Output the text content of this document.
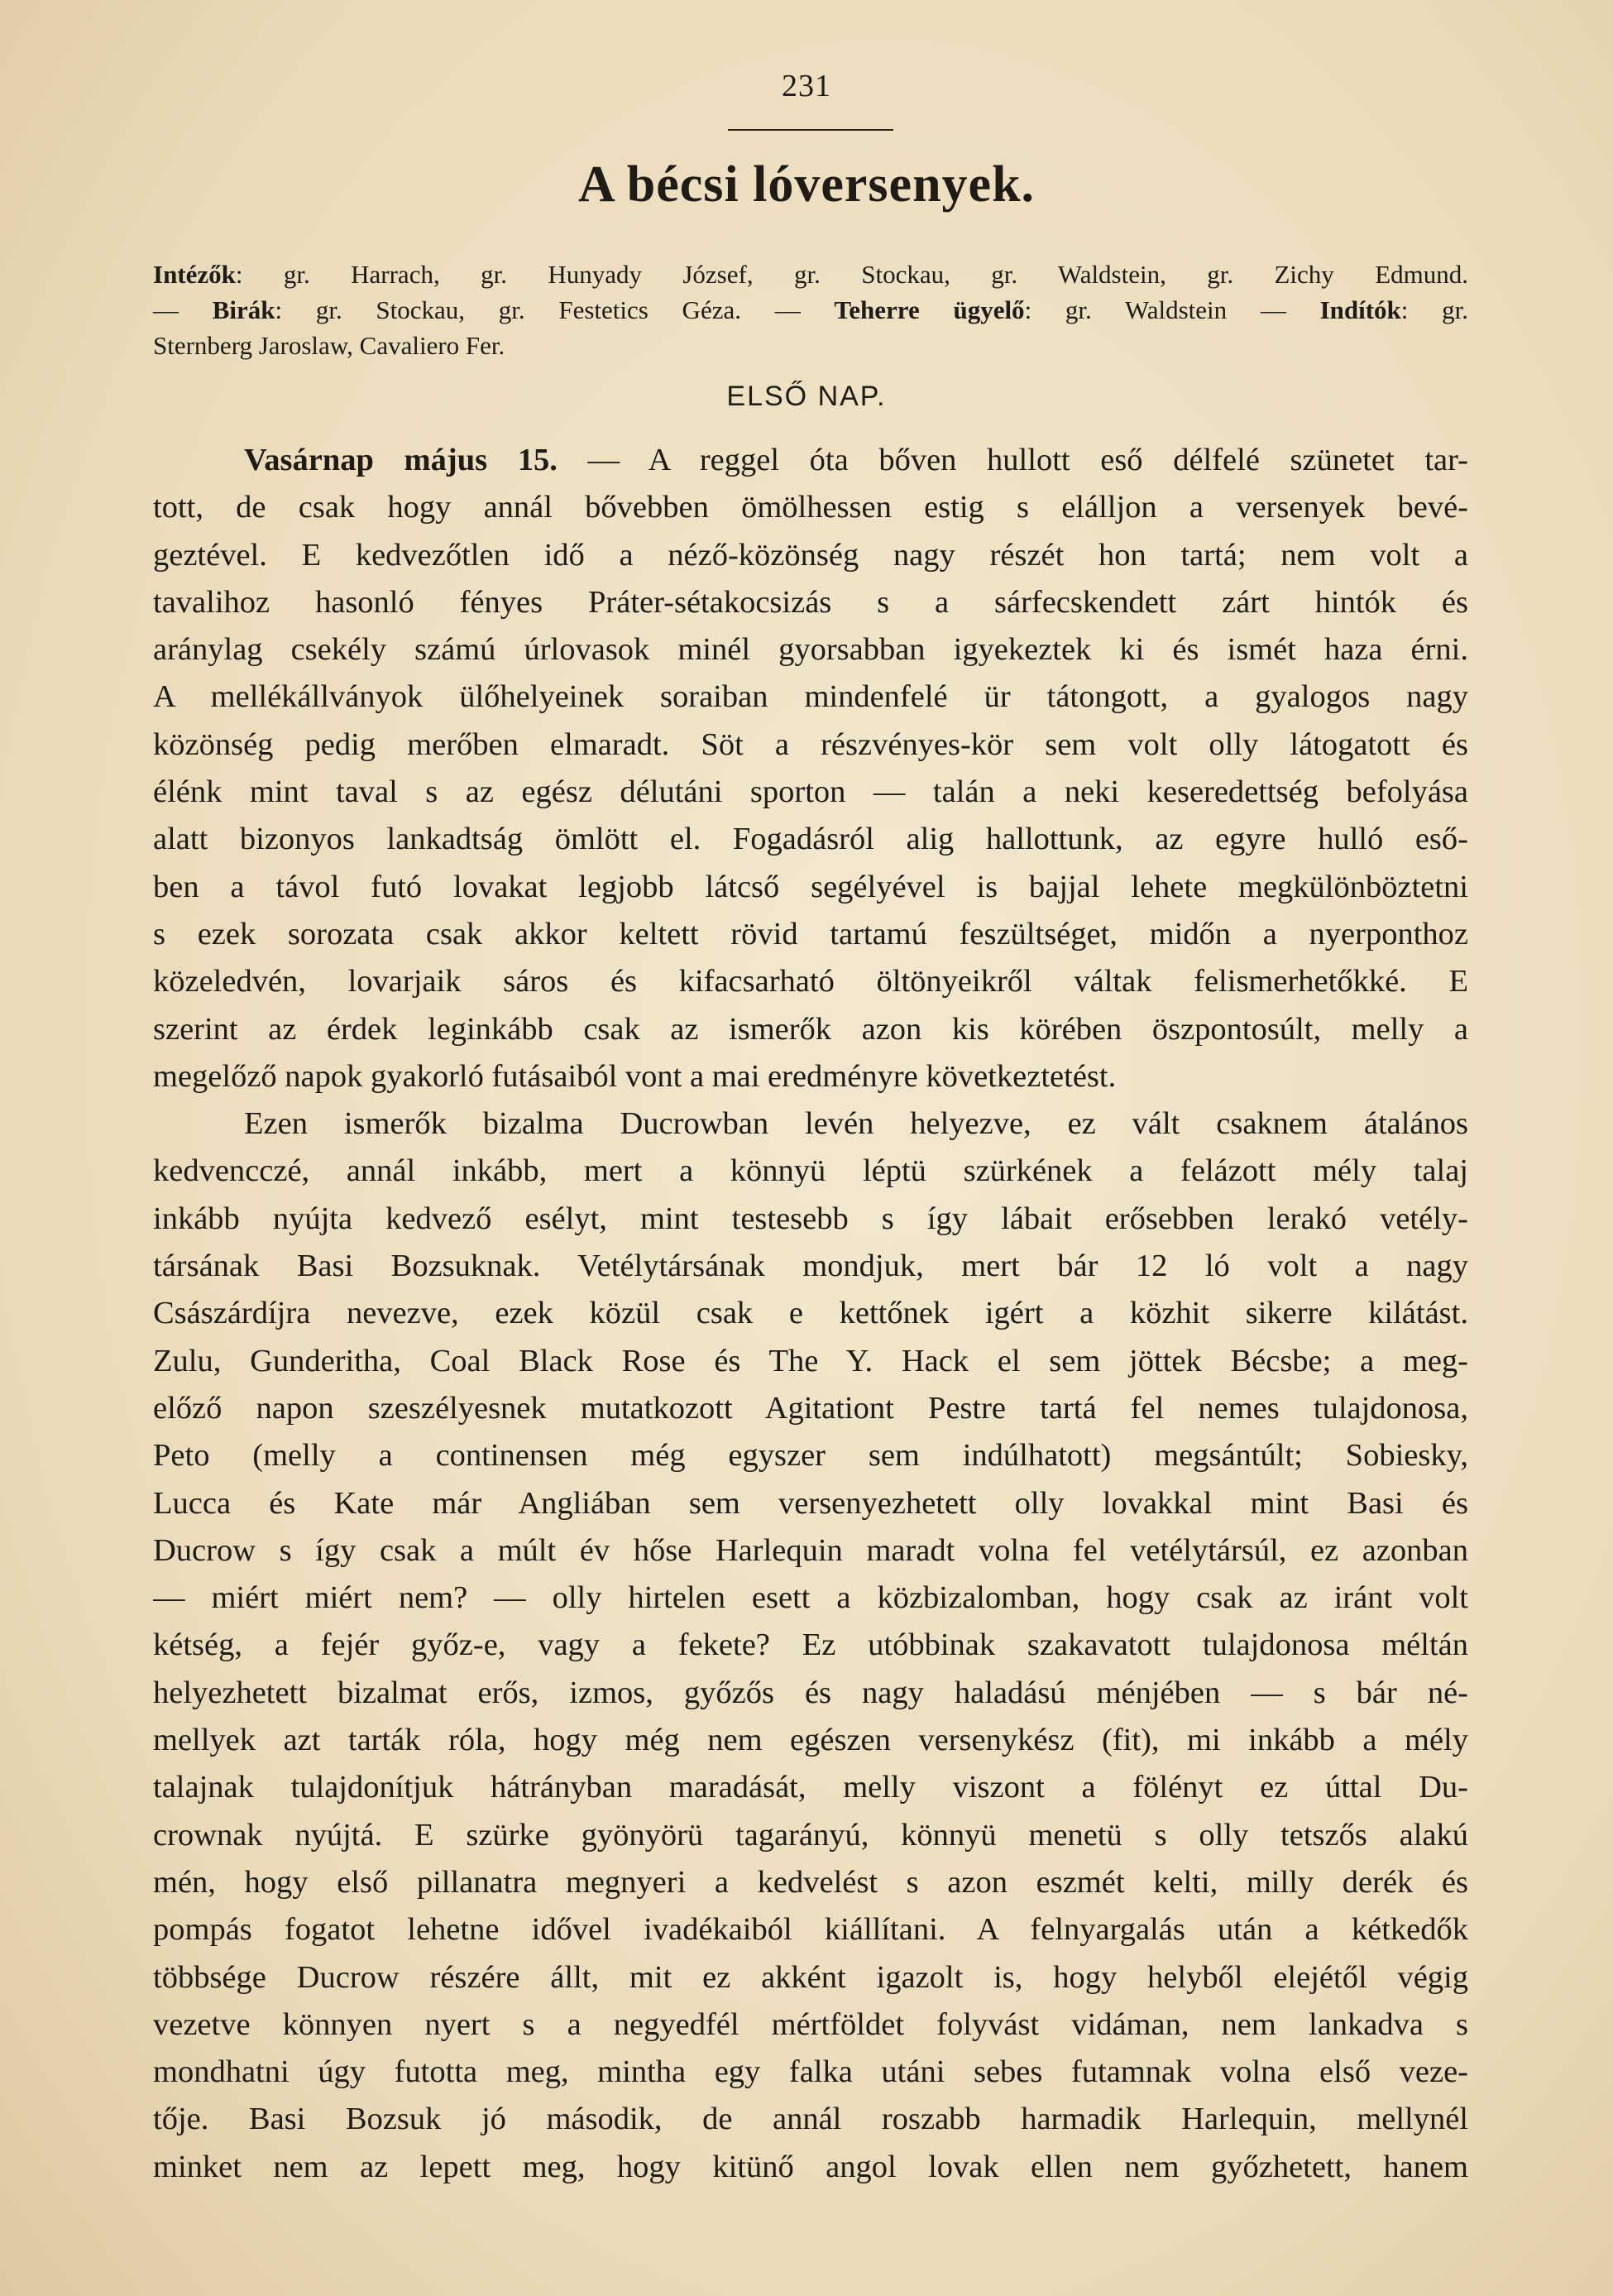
231
A bécsi lóversenyek.
Intézők: gr. Harrach, gr. Hunyady József, gr. Stockau, gr. Waldstein, gr. Zichy Edmund.
— Birák: gr. Stockau, gr. Festetics Géza. — Teherre ügyelő: gr. Waldstein — Indítók: gr.
Sternberg Jaroslaw, Cavaliero Fer.
ELSŐ NAP.
Vasárnap május 15. — A reggel óta bőven hullott eső délfelé szünetet tar-
tott, de csak hogy annál bővebben ömölhessen estig s elálljon a versenyek bevé-
geztével. E kedvezőtlen idő a néző-közönség nagy részét hon tartá; nem volt a
tavalihoz hasonló fényes Práter-sétakocsizás s a sárfecskendett zárt hintók és
aránylag csekély számú úrlovasok minél gyorsabban igyekeztek ki és ismét haza érni.
A mellékállványok ülőhelyeinek soraiban mindenfelé ür tátongott, a gyalogos nagy
közönség pedig merőben elmaradt. Söt a részvényes-kör sem volt olly látogatott és
élénk mint taval s az egész délutáni sporton — talán a neki keseredettség befolyása
alatt bizonyos lankadtság ömlött el. Fogadásról alig hallottunk, az egyre hulló eső-
ben a távol futó lovakat legjobb látcső segélyével is bajjal lehete megkülönböztetni
s ezek sorozata csak akkor keltett rövid tartamú feszültséget, midőn a nyerponthoz
közeledvén, lovarjaik sáros és kifacsarható öltönyeikről váltak felismerhetőkké. E
szerint az érdek leginkább csak az ismerők azon kis körében öszpontosúlt, melly a
megelőző napok gyakorló futásaiból vont a mai eredményre következtetést.
Ezen ismerők bizalma Ducrowban levén helyezve, ez vált csaknem átalános
kedvencczé, annál inkább, mert a könnyü léptü szürkének a felázott mély talaj
inkább nyújta kedvező esélyt, mint testesebb s így lábait erősebben lerakó vetély-
társának Basi Bozsuknak. Vetélytársának mondjuk, mert bár 12 ló volt a nagy
Császárdíjra nevezve, ezek közül csak e kettőnek igért a közhit sikerre kilátást.
Zulu, Gunderitha, Coal Black Rose és The Y. Hack el sem jöttek Bécsbe; a meg-
előző napon szeszélyesnek mutatkozott Agitationt Pestre tartá fel nemes tulajdonosa,
Peto (melly a continensen még egyszer sem indúlhatott) megsántúlt; Sobiesky,
Lucca és Kate már Angliában sem versenyezhetett olly lovakkal mint Basi és
Ducrow s így csak a múlt év hőse Harlequin maradt volna fel vetélytársúl, ez azonban
— miért miért nem? — olly hirtelen esett a közbizalomban, hogy csak az iránt volt
kétség, a fejér győz-e, vagy a fekete? Ez utóbbinak szakavatott tulajdonosa méltán
helyezhetett bizalmat erős, izmos, győzős és nagy haladású ménjében — s bár né-
mellyek azt tarták róla, hogy még nem egészen versenykész (fit), mi inkább a mély
talajnak tulajdonítjuk hátrányban maradását, melly viszont a fölényt ez úttal Du-
crownak nyújtá. E szürke gyönyörü tagarányú, könnyü menetü s olly tetszős alakú
mén, hogy első pillanatra megnyeri a kedvelést s azon eszmét kelti, milly derék és
pompás fogatot lehetne idővel ivadékaiból kiállítani. A felnyargalás után a kétkedők
többsége Ducrow részére állt, mit ez akként igazolt is, hogy helyből elejétől végig
vezetve könnyen nyert s a negyedfél mértföldet folyvást vidáman, nem lankadva s
mondhatni úgy futotta meg, mintha egy falka utáni sebes futamnak volna első veze-
tője. Basi Bozsuk jó második, de annál roszabb harmadik Harlequin, mellynél
minket nem az lepett meg, hogy kitünő angol lovak ellen nem győzhetett, hanem
